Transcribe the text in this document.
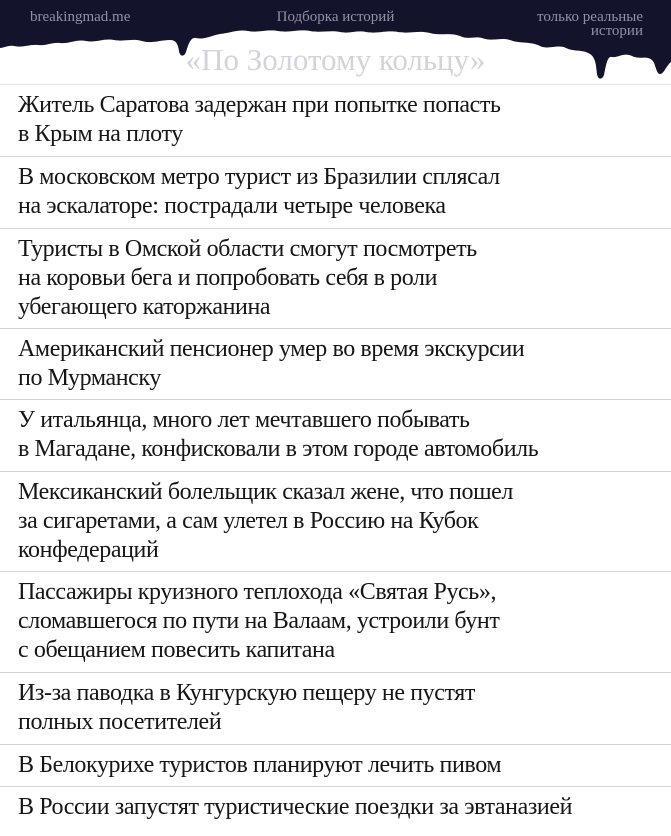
breakingmad.me	Подборка историй	только реальные
истории
«По Золотому кольцу»
Житель Саратова задержан при попытке попасть
в Крым на плоту
В московском метро турист из Бразилии сплясал
на эскалаторе: пострадали четыре человека
Туристы в Омской области смогут посмотреть
на коровьи бега и попробовать себя в роли
убегающего каторжанина
Американский пенсионер умер во время экскурсии
по Мурманску
У итальянца, много лет мечтавшего побывать
в Магадане, конфисковали в этом городе автомобиль
Мексиканский болельщик сказал жене, что пошел
за сигаретами, а сам улетел в Россию на Кубок
конфедераций
Пассажиры круизного теплохода «Святая Русь»,
сломавшегося по пути на Валаам, устроили бунт
с обещанием повесить капитана
Из-за паводка в Кунгурскую пещеру не пустят
полных посетителей
В Белокурихе туристов планируют лечить пивом
В России запустят туристические поездки за эвтаназией
